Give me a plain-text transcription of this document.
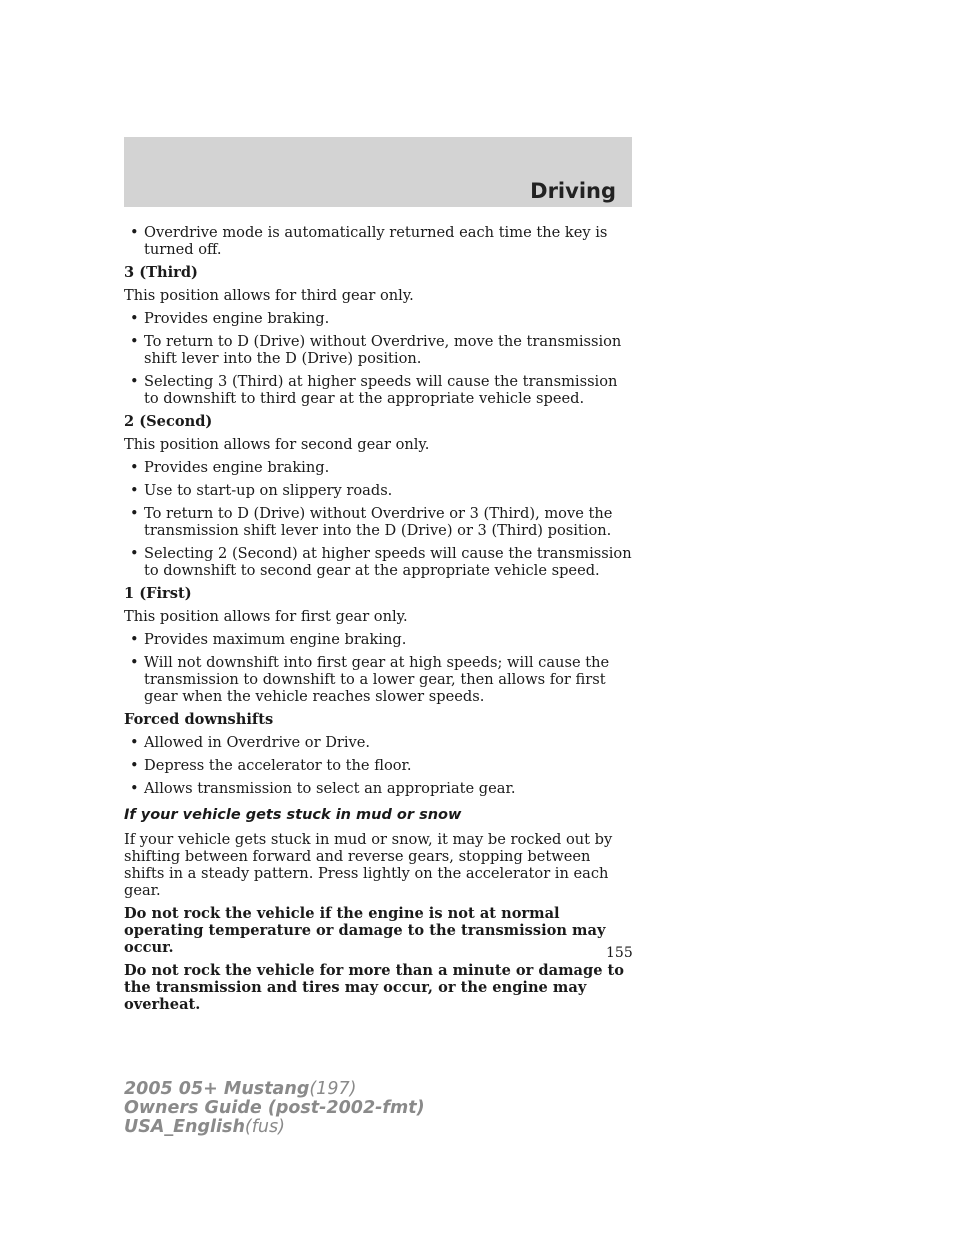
Driving
• Overdrive mode is automatically returned each time the key is turned off.
3 (Third)

This position allows for third gear only.

• Provides engine braking.
• To return to D (Drive) without Overdrive, move the transmission shift lever into the D (Drive) position.
• Selecting 3 (Third) at higher speeds will cause the transmission to downshift to third gear at the appropriate vehicle speed.
2 (Second)

This position allows for second gear only.

• Provides engine braking.
• Use to start-up on slippery roads.
• To return to D (Drive) without Overdrive or 3 (Third), move the transmission shift lever into the D (Drive) or 3 (Third) position.
• Selecting 2 (Second) at higher speeds will cause the transmission to downshift to second gear at the appropriate vehicle speed.
1 (First)

This position allows for first gear only.

• Provides maximum engine braking.
• Will not downshift into first gear at high speeds; will cause the transmission to downshift to a lower gear, then allows for first gear when the vehicle reaches slower speeds.
Forced downshifts
• Allowed in Overdrive or Drive.
• Depress the accelerator to the floor.
• Allows transmission to select an appropriate gear.
If your vehicle gets stuck in mud or snow

If your vehicle gets stuck in mud or snow, it may be rocked out by shifting between forward and reverse gears, stopping between shifts in a steady pattern. Press lightly on the accelerator in each gear.

Do not rock the vehicle if the engine is not at normal operating temperature or damage to the transmission may occur.

Do not rock the vehicle for more than a minute or damage to the transmission and tires may occur, or the engine may overheat.

155
2005 05+ Mustang(197)
Owners Guide (post-2002-fmt)
USA_English(fus)
